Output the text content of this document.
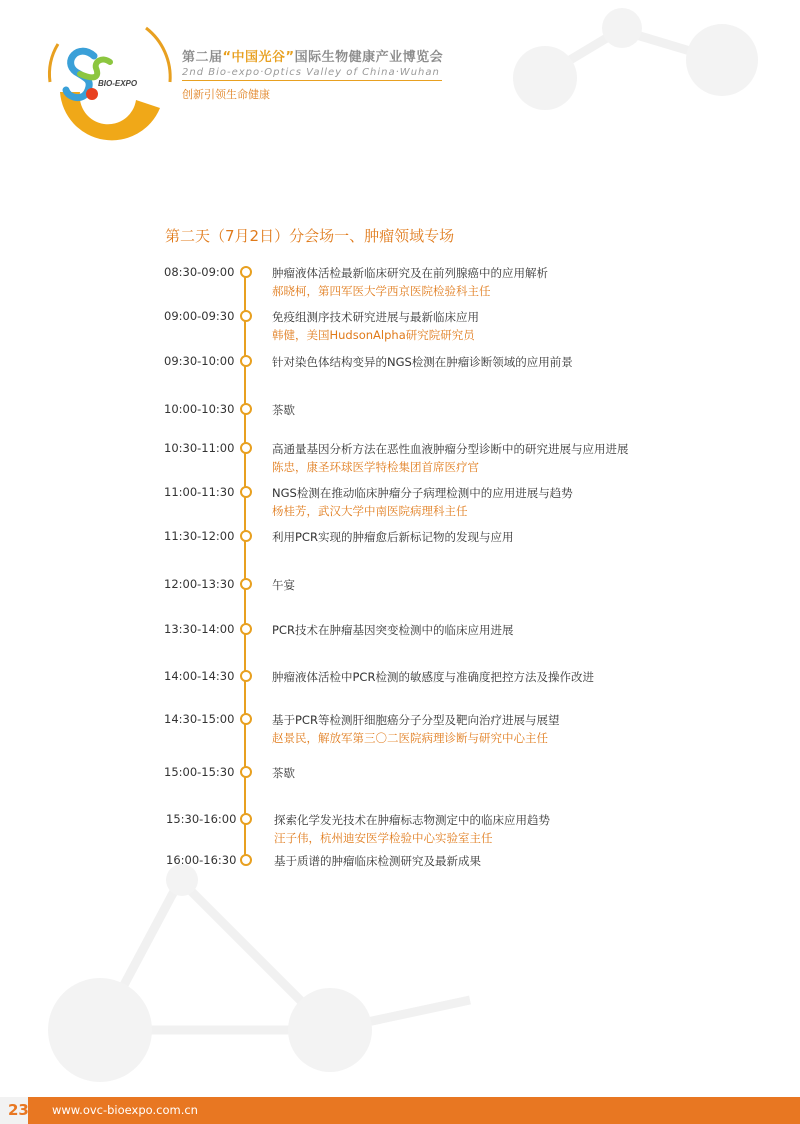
BIO-EXPO
第二届“中国光谷”国际生物健康产业博览会
2nd Bio-expo·Optics Valley of China·Wuhan
创新引领生命健康
第二天（7月2日）分会场一、肿瘤领域专场
08:30-09:00	肿瘤液体活检最新临床研究及在前列腺癌中的应用解析
郝晓柯，第四军医大学西京医院检验科主任
09:00-09:30	免疫组测序技术研究进展与最新临床应用
韩健，美国HudsonAlpha研究院研究员
09:30-10:00	针对染色体结构变异的NGS检测在肿瘤诊断领域的应用前景
10:00-10:30	茶歇
10:30-11:00	高通量基因分析方法在恶性血液肿瘤分型诊断中的研究进展与应用进展
陈忠，康圣环球医学特检集团首席医疗官
11:00-11:30	NGS检测在推动临床肿瘤分子病理检测中的应用进展与趋势
杨桂芳，武汉大学中南医院病理科主任
11:30-12:00	利用PCR实现的肿瘤愈后新标记物的发现与应用
12:00-13:30	午宴
13:30-14:00	PCR技术在肿瘤基因突变检测中的临床应用进展
14:00-14:30	肿瘤液体活检中PCR检测的敏感度与准确度把控方法及操作改进
14:30-15:00	基于PCR等检测肝细胞癌分子分型及靶向治疗进展与展望
赵景民，解放军第三〇二医院病理诊断与研究中心主任
15:00-15:30	茶歇
15:30-16:00	探索化学发光技术在肿瘤标志物测定中的临床应用趋势
汪子伟，杭州迪安医学检验中心实验室主任
16:00-16:30	基于质谱的肿瘤临床检测研究及最新成果
23 www.ovc-bioexpo.com.cn
